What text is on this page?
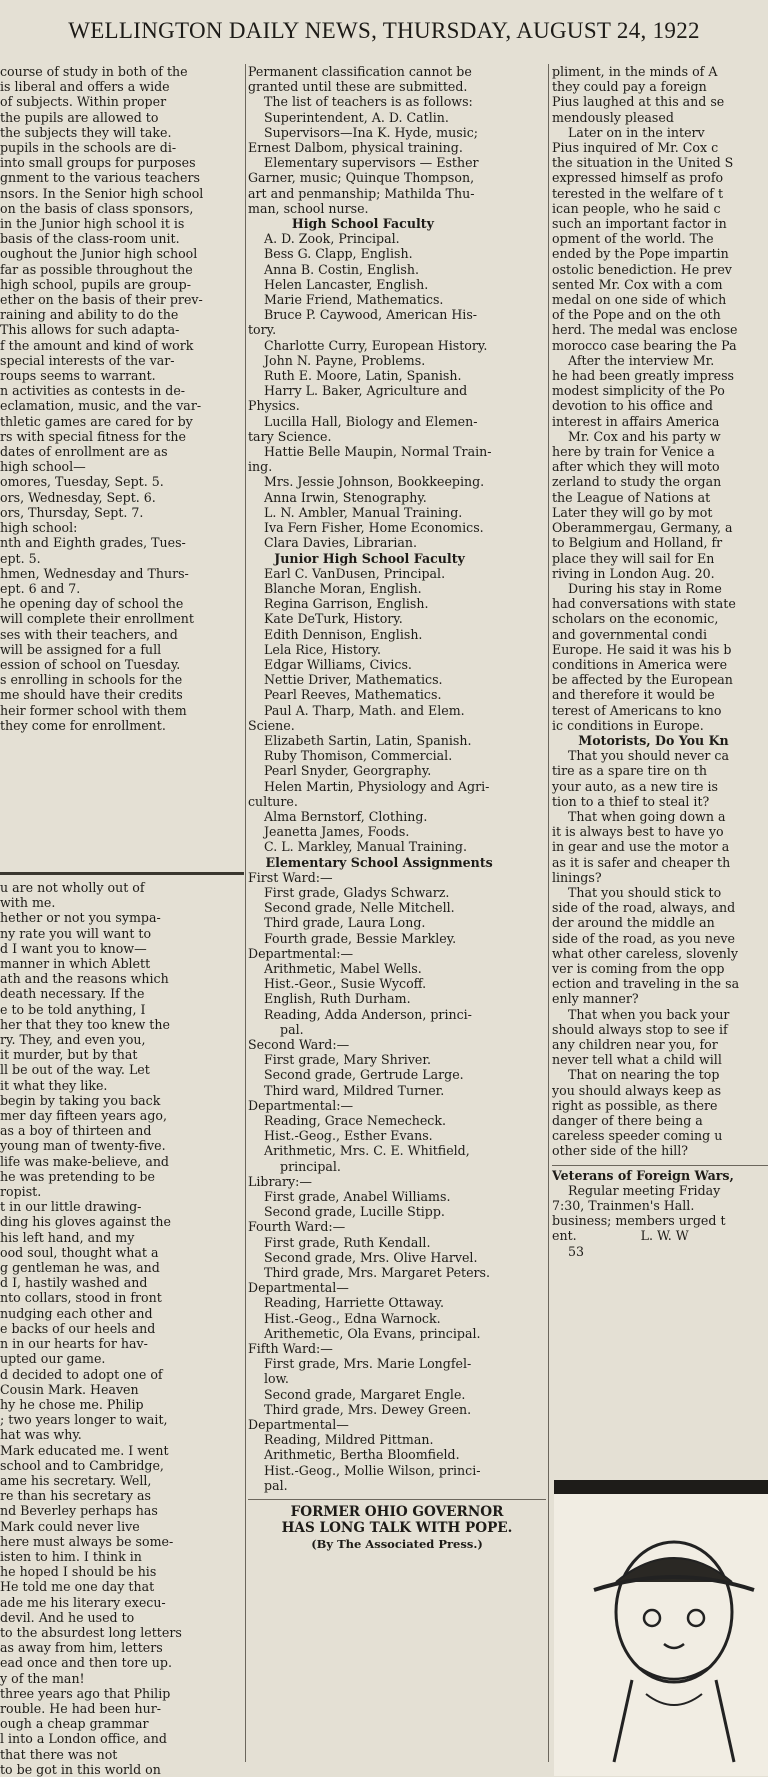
WELLINGTON DAILY NEWS, THURSDAY, AUGUST 24, 1922

course of study in both of the

is liberal and offers a wide

of subjects. Within proper

the pupils are allowed to

the subjects they will take.

pupils in the schools are di-

into small groups for purposes

gnment to the various teachers

nsors. In the Senior high school

on the basis of class sponsors,

in the Junior high school it is

basis of the class-room unit.

oughout the Junior high school

far as possible throughout the

high school, pupils are group-

ether on the basis of their prev-

raining and ability to do the

This allows for such adapta-

f the amount and kind of work

special interests of the var-

roups seems to warrant.

n activities as contests in de-

eclamation, music, and the var-

thletic games are cared for by

rs with special fitness for the

dates of enrollment are as

high school—

omores, Tuesday, Sept. 5.

ors, Wednesday, Sept. 6.

ors, Thursday, Sept. 7.

high school:

nth and Eighth grades, Tues-

ept. 5.

hmen, Wednesday and Thurs-

ept. 6 and 7.

he opening day of school the

will complete their enrollment

ses with their teachers, and

will be assigned for a full

ession of school on Tuesday.

s enrolling in schools for the

me should have their credits

heir former school with them

they come for enrollment.

u are not wholly out of

with me.

hether or not you sympa-

ny rate you will want to

d I want you to know—

manner in which Ablett

ath and the reasons which

death necessary. If the

e to be told anything, I

her that they too knew the

ry. They, and even you,

it murder, but by that

ll be out of the way. Let

it what they like.

begin by taking you back

mer day fifteen years ago,

as a boy of thirteen and

young man of twenty-five.

life was make-believe, and

he was pretending to be

ropist.

t in our little drawing-

ding his gloves against the

his left hand, and my

ood soul, thought what a

g gentleman he was, and

d I, hastily washed and

nto collars, stood in front

nudging each other and

e backs of our heels and

n in our hearts for hav-

upted our game.

d decided to adopt one of

Cousin Mark. Heaven

hy he chose me. Philip

; two years longer to wait,

hat was why.

Mark educated me. I went

school and to Cambridge,

ame his secretary. Well,

re than his secretary as

nd Beverley perhaps has

Mark could never live

here must always be some-

isten to him. I think in

he hoped I should be his

He told me one day that

ade me his literary execu-

devil. And he used to

to the absurdest long letters

as away from him, letters

ead once and then tore up.

y of the man!

three years ago that Philip

rouble. He had been hur-

ough a cheap grammar

l into a London office, and

that there was not

to be got in this world on

Permanent classification cannot be

granted until these are submitted.

The list of teachers is as follows:

Superintendent, A. D. Catlin.

Supervisors—Ina K. Hyde, music;

Ernest Dalbom, physical training.

Elementary supervisors — Esther

Garner, music; Quinque Thompson,

art and penmanship; Mathilda Thu-

man, school nurse.

High School Faculty

A. D. Zook, Principal.

Bess G. Clapp, English.

Anna B. Costin, English.

Helen Lancaster, English.

Marie Friend, Mathematics.

Bruce P. Caywood, American His-

tory.

Charlotte Curry, European History.

John N. Payne, Problems.

Ruth E. Moore, Latin, Spanish.

Harry L. Baker, Agriculture and

Physics.

Lucilla Hall, Biology and Elemen-

tary Science.

Hattie Belle Maupin, Normal Train-

ing.

Mrs. Jessie Johnson, Bookkeeping.

Anna Irwin, Stenography.

L. N. Ambler, Manual Training.

Iva Fern Fisher, Home Economics.

Clara Davies, Librarian.

Junior High School Faculty

Earl C. VanDusen, Principal.

Blanche Moran, English.

Regina Garrison, English.

Kate DeTurk, History.

Edith Dennison, English.

Lela Rice, History.

Edgar Williams, Civics.

Nettie Driver, Mathematics.

Pearl Reeves, Mathematics.

Paul A. Tharp, Math. and Elem.

Sciene.

Elizabeth Sartin, Latin, Spanish.

Ruby Thomison, Commercial.

Pearl Snyder, Georgraphy.

Helen Martin, Physiology and Agri-

culture.

Alma Bernstorf, Clothing.

Jeanetta James, Foods.

C. L. Markley, Manual Training.

Elementary School Assignments

First Ward:—

First grade, Gladys Schwarz.

Second grade, Nelle Mitchell.

Third grade, Laura Long.

Fourth grade, Bessie Markley.

Departmental:—

Arithmetic, Mabel Wells.

Hist.-Geor., Susie Wycoff.

English, Ruth Durham.

Reading, Adda Anderson, princi-

pal.

Second Ward:—

First grade, Mary Shriver.

Second grade, Gertrude Large.

Third ward, Mildred Turner.

Departmental:—

Reading, Grace Nemecheck.

Hist.-Geog., Esther Evans.

Arithmetic, Mrs. C. E. Whitfield,

principal.

Library:—

First grade, Anabel Williams.

Second grade, Lucille Stipp.

Fourth Ward:—

First grade, Ruth Kendall.

Second grade, Mrs. Olive Harvel.

Third grade, Mrs. Margaret Peters.

Departmental—

Reading, Harriette Ottaway.

Hist.-Geog., Edna Warnock.

Arithemetic, Ola Evans, principal.

Fifth Ward:—

First grade, Mrs. Marie Longfel-

low.

Second grade, Margaret Engle.

Third grade, Mrs. Dewey Green.

Departmental—

Reading, Mildred Pittman.

Arithmetic, Bertha Bloomfield.

Hist.-Geog., Mollie Wilson, princi-

pal.

FORMER OHIO GOVERNOR
HAS LONG TALK WITH POPE.
(By The Associated Press.)

pliment, in the minds of A

they could pay a foreign

Pius laughed at this and se

mendously pleased

Later on in the interv

Pius inquired of Mr. Cox c

the situation in the United S

expressed himself as profo

terested in the welfare of t

ican people, who he said c

such an important factor in

opment of the world. The

ended by the Pope impartin

ostolic benediction. He prev

sented Mr. Cox with a com

medal on one side of which

of the Pope and on the oth

herd. The medal was enclose

morocco case bearing the Pa

After the interview Mr.

he had been greatly impress

modest simplicity of the Po

devotion to his office and

interest in affairs America

Mr. Cox and his party w

here by train for Venice a

after which they will moto

zerland to study the organ

the League of Nations at

Later they will go by mot

Oberammergau, Germany, a

to Belgium and Holland, fr

place they will sail for En

riving in London Aug. 20.

During his stay in Rome

had conversations with state

scholars on the economic,

and governmental condi

Europe. He said it was his b

conditions in America were

be affected by the European

and therefore it would be

terest of Americans to kno

ic conditions in Europe.

Motorists, Do You Kn

That you should never ca

tire as a spare tire on th

your auto, as a new tire is

tion to a thief to steal it?

That when going down a

it is always best to have yo

in gear and use the motor a

as it is safer and cheaper th

linings?

That you should stick to

side of the road, always, and

der around the middle an

side of the road, as you neve

what other careless, slovenly

ver is coming from the opp

ection and traveling in the sa

enly manner?

That when you back your

should always stop to see if

any children near you, for

never tell what a child will

That on nearing the top

you should always keep as

right as possible, as there

danger of there being a

careless speeder coming u

other side of the hill?

Veterans of Foreign Wars,

Regular meeting Friday

7:30, Trainmen's Hall.

business; members urged t

ent.                L. W. W

53
